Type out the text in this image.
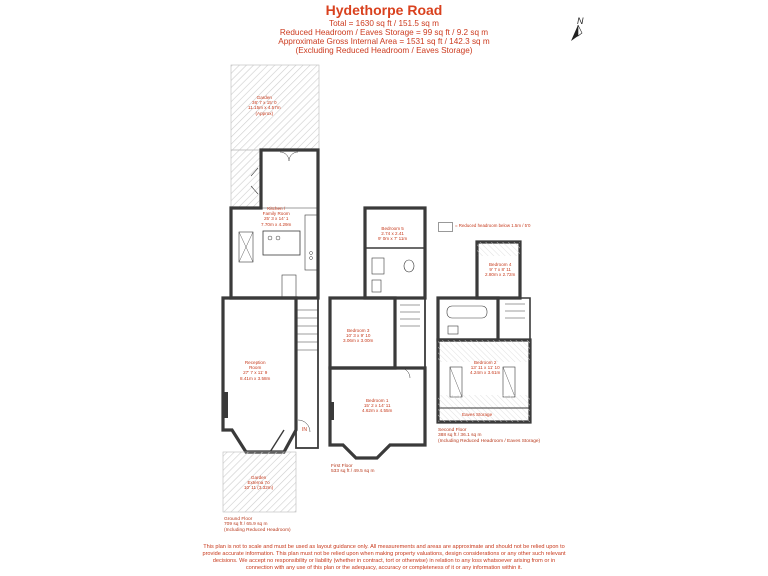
Hydethorpe Road
Total = 1630 sq ft / 151.5 sq m
Reduced Headroom / Eaves Storage = 99 sq ft / 9.2 sq m
Approximate Gross Internal Area = 1531 sq ft / 142.3 sq m
(Excluding Reduced Headroom / Eaves Storage)
N
= Reduced headroom below 1.5m / 5'0
Garden
36' 7 x 15' 0
11.15m x 4.57m
(Approx)
Kitchen /
Family Room
25' 3 x 14' 1
7.70m x 4.29m
Reception
Room
27' 7 x 11' 9
8.41m x 3.58m
Garden
Externa 7o
10' 11 (3.32m)
IN
Bedroom 5
2.74 x 2.41
9' 0m x 7' 11m
Bedroom 3
10' 3 x 9' 10
3.06m x 3.00m
Bedroom 1
15' 2 x 14' 11
4.62m x 4.55m
Bedroom 4
9' 7 x 8' 11
2.80m x 2.72m
Bedroom 2
13' 11 x 11' 10
4.24m x 3.61m
Eaves Storage
Ground Floor
709 sq ft / 65.9 sq m
(Including Reduced Headroom)
First Floor
533 sq ft / 49.5 sq m
Second Floor
388 sq ft / 36.1 sq m
(Including Reduced Headroom / Eaves Storage)
This plan is not to scale and must be used as layout guidance only. All measurements and areas are approximate and should not be relied upon to
provide accurate information. This plan must not be relied upon when making property valuations, design considerations or any other such relevant
decisions. We accept no responsibility or liability (whether in contract, tort or otherwise) in relation to any loss whatsoever arising from or in
connection with any use of this plan or the adequacy, accuracy or completeness of it or any information within it.
